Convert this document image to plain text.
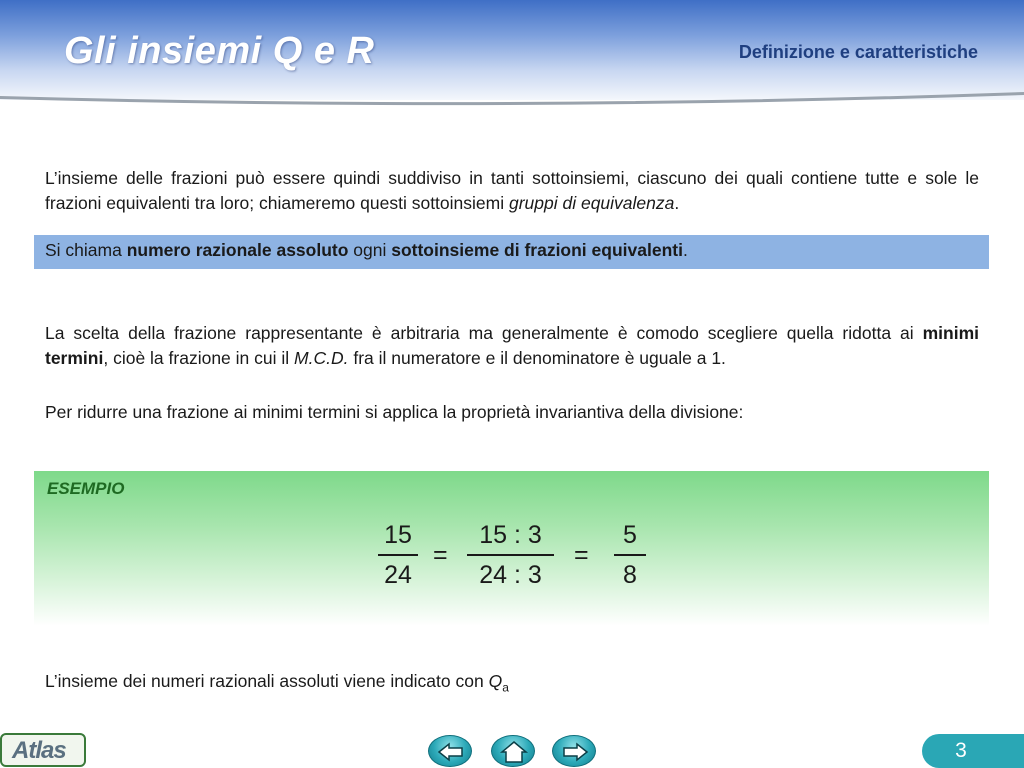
Gli insiemi Q e R	Definizione e caratteristiche
L’insieme delle frazioni può essere quindi suddiviso in tanti sottoinsiemi, ciascuno dei quali contiene tutte e sole le frazioni equivalenti tra loro; chiameremo questi sottoinsiemi gruppi di equivalenza.
Si chiama numero razionale assoluto ogni sottoinsieme di frazioni equivalenti.
La scelta della frazione rappresentante è arbitraria ma generalmente è comodo scegliere quella ridotta ai minimi termini, cioè la frazione in cui il M.C.D. fra il numeratore e il denominatore è uguale a 1.
Per ridurre una frazione ai minimi termini si applica la proprietà invariantiva della divisione:
ESEMPIO
15
24
=
15 : 3
24 : 3
=
5
8
L’insieme dei numeri razionali assoluti viene indicato con $Q_a$
Atlas	3
